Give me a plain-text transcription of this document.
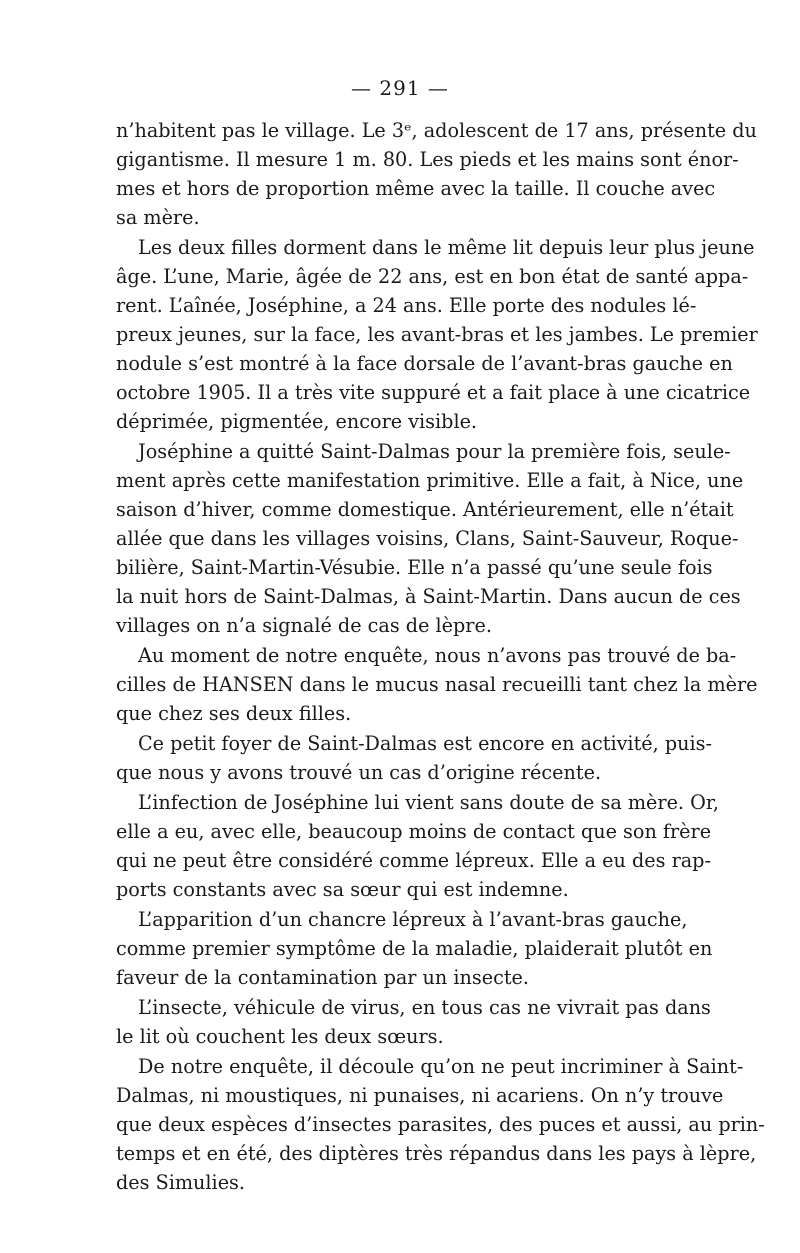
— 291 —
n’habitent pas le village. Le 3ᵉ, adolescent de 17 ans, présente du
gigantisme. Il mesure 1 m. 80. Les pieds et les mains sont énor-
mes et hors de proportion même avec la taille. Il couche avec
sa mère.
Les deux filles dorment dans le même lit depuis leur plus jeune
âge. L’une, Marie, âgée de 22 ans, est en bon état de santé appa-
rent. L’aînée, Joséphine, a 24 ans. Elle porte des nodules lé-
preux jeunes, sur la face, les avant-bras et les jambes. Le premier
nodule s’est montré à la face dorsale de l’avant-bras gauche en
octobre 1905. Il a très vite suppuré et a fait place à une cicatrice
déprimée, pigmentée, encore visible.
Joséphine a quitté Saint-Dalmas pour la première fois, seule-
ment après cette manifestation primitive. Elle a fait, à Nice, une
saison d’hiver, comme domestique. Antérieurement, elle n’était
allée que dans les villages voisins, Clans, Saint-Sauveur, Roque-
bilière, Saint-Martin-Vésubie. Elle n’a passé qu’une seule fois
la nuit hors de Saint-Dalmas, à Saint-Martin. Dans aucun de ces
villages on n’a signalé de cas de lèpre.
Au moment de notre enquête, nous n’avons pas trouvé de ba-
cilles de HANSEN dans le mucus nasal recueilli tant chez la mère
que chez ses deux filles.
Ce petit foyer de Saint-Dalmas est encore en activité, puis-
que nous y avons trouvé un cas d’origine récente.
L’infection de Joséphine lui vient sans doute de sa mère. Or,
elle a eu, avec elle, beaucoup moins de contact que son frère
qui ne peut être considéré comme lépreux. Elle a eu des rap-
ports constants avec sa sœur qui est indemne.
L’apparition d’un chancre lépreux à l’avant-bras gauche,
comme premier symptôme de la maladie, plaiderait plutôt en
faveur de la contamination par un insecte.
L’insecte, véhicule de virus, en tous cas ne vivrait pas dans
le lit où couchent les deux sœurs.
De notre enquête, il découle qu’on ne peut incriminer à Saint-
Dalmas, ni moustiques, ni punaises, ni acariens. On n’y trouve
que deux espèces d’insectes parasites, des puces et aussi, au prin-
temps et en été, des diptères très répandus dans les pays à lèpre,
des Simulies.
